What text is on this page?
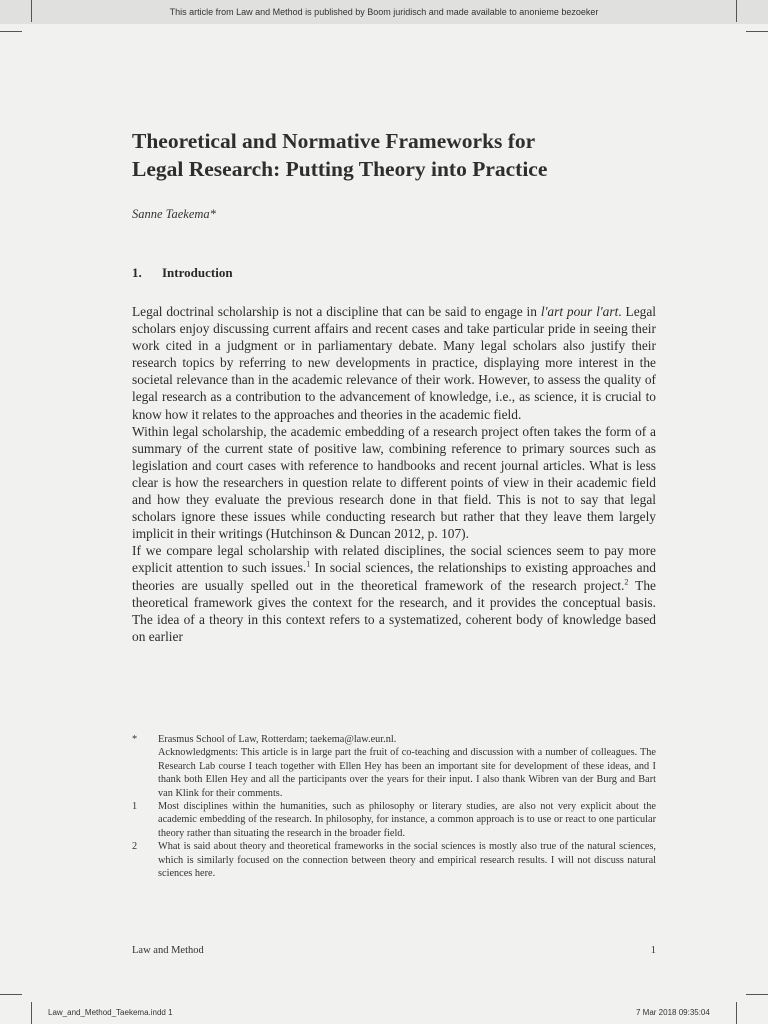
This article from Law and Method is published by Boom juridisch and made available to anonieme bezoeker
Theoretical and Normative Frameworks for
Legal Research: Putting Theory into Practice
Sanne Taekema*
1. Introduction

Legal doctrinal scholarship is not a discipline that can be said to engage in l'art pour l'art. Legal scholars enjoy discussing current affairs and recent cases and take particular pride in seeing their work cited in a judgment or in parliamentary debate. Many legal scholars also justify their research topics by referring to new developments in practice, displaying more interest in the societal relevance than in the academic relevance of their work. However, to assess the quality of legal research as a contribution to the advancement of knowledge, i.e., as science, it is crucial to know how it relates to the approaches and theories in the academic field.

Within legal scholarship, the academic embedding of a research project often takes the form of a summary of the current state of positive law, combining reference to primary sources such as legislation and court cases with reference to handbooks and recent journal articles. What is less clear is how the researchers in question relate to different points of view in their academic field and how they evaluate the previous research done in that field. This is not to say that legal scholars ignore these issues while conducting research but rather that they leave them largely implicit in their writings (Hutchinson & Duncan 2012, p. 107).

If we compare legal scholarship with related disciplines, the social sciences seem to pay more explicit attention to such issues.$^1$ In social sciences, the relationships to existing approaches and theories are usually spelled out in the theoretical framework of the research project.$^2$ The theoretical framework gives the context for the research, and it provides the conceptual basis. The idea of a theory in this context refers to a systematized, coherent body of knowledge based on earlier

*	Erasmus School of Law, Rotterdam; taekema@law.eur.nl.
Acknowledgments: This article is in large part the fruit of co-teaching and discussion with a number of colleagues. The Research Lab course I teach together with Ellen Hey has been an important site for development of these ideas, and I thank both Ellen Hey and all the participants over the years for their input. I also thank Wibren van der Burg and Bart van Klink for their comments.
1	Most disciplines within the humanities, such as philosophy or literary studies, are also not very explicit about the academic embedding of the research. In philosophy, for instance, a common approach is to use or react to one particular theory rather than situating the research in the broader field.
2	What is said about theory and theoretical frameworks in the social sciences is mostly also true of the natural sciences, which is similarly focused on the connection between theory and empirical research results. I will not discuss natural sciences here.
Law and Method	1
Law_and_Method_Taekema.indd 1	7 Mar 2018 09:35:04
